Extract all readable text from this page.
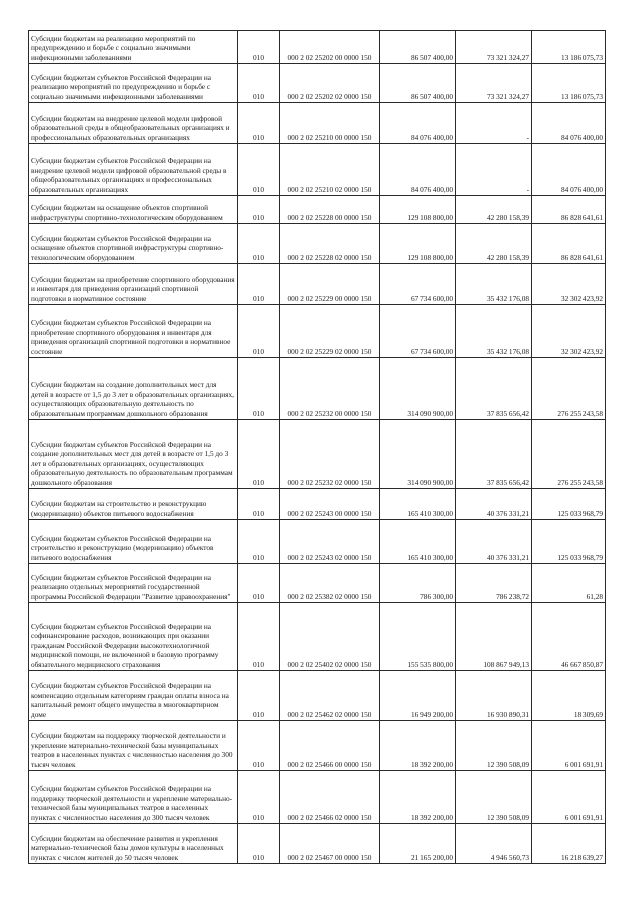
Субсидии бюджетам на реализацию мероприятий по предупреждению и борьбе с социально значимыми инфекционными заболеваниями	010	000 2 02 25202 00 0000 150	86 507 400,00	73 321 324,27	13 186 075,73
Субсидии бюджетам субъектов Российской Федерации на реализацию мероприятий по предупреждению и борьбе с социально значимыми инфекционными заболеваниями	010	000 2 02 25202 02 0000 150	86 507 400,00	73 321 324,27	13 186 075,73
Субсидии бюджетам на внедрение целевой модели цифровой образовательной среды в общеобразовательных организациях и профессиональных образовательных организациях	010	000 2 02 25210 00 0000 150	84 076 400,00	-	84 076 400,00
Субсидии бюджетам субъектов Российской Федерации на внедрение целевой модели цифровой образовательной среды в общеобразовательных организациях и профессиональных образовательных организациях	010	000 2 02 25210 02 0000 150	84 076 400,00	-	84 076 400,00
Субсидии бюджетам на оснащение объектов спортивной инфраструктуры спортивно-технологическим оборудованием	010	000 2 02 25228 00 0000 150	129 108 800,00	42 280 158,39	86 828 641,61
Субсидии бюджетам субъектов Российской Федерации на оснащение объектов спортивной инфраструктуры спортивно-технологическим оборудованием	010	000 2 02 25228 02 0000 150	129 108 800,00	42 280 158,39	86 828 641,61
Субсидии бюджетам на приобретение спортивного оборудования и инвентаря для приведения организаций спортивной подготовки в нормативное состояние	010	000 2 02 25229 00 0000 150	67 734 600,00	35 432 176,08	32 302 423,92
Субсидии бюджетам субъектов Российской Федерации на приобретение спортивного оборудования и инвентаря для приведения организаций спортивной подготовки в нормативное состояние	010	000 2 02 25229 02 0000 150	67 734 600,00	35 432 176,08	32 302 423,92
Субсидии бюджетам на создание дополнительных мест для детей в возрасте от 1,5 до 3 лет в образовательных организациях, осуществляющих образовательную деятельность по образовательным программам дошкольного образования	010	000 2 02 25232 00 0000 150	314 090 900,00	37 835 656,42	276 255 243,58
Субсидии бюджетам субъектов Российской Федерации на создание дополнительных мест для детей в возрасте от 1,5 до 3 лет в образовательных организациях, осуществляющих образовательную деятельность по образовательным программам дошкольного образования	010	000 2 02 25232 02 0000 150	314 090 900,00	37 835 656,42	276 255 243,58
Субсидии бюджетам на строительство и реконструкцию (модернизацию) объектов питьевого водоснабжения	010	000 2 02 25243 00 0000 150	165 410 300,00	40 376 331,21	125 033 968,79
Субсидии бюджетам субъектов Российской Федерации на строительство и реконструкцию (модернизацию) объектов питьевого водоснабжения	010	000 2 02 25243 02 0000 150	165 410 300,00	40 376 331,21	125 033 968,79
Субсидии бюджетам субъектов Российской Федерации на реализацию отдельных мероприятий государственной программы Российской Федерации "Развитие здравоохранения"	010	000 2 02 25382 02 0000 150	786 300,00	786 238,72	61,28
Субсидии бюджетам субъектов Российской Федерации на софинансирование расходов, возникающих при оказании гражданам Российской Федерации высокотехнологичной медицинской помощи, не включенной в базовую программу обязательного медицинского страхования	010	000 2 02 25402 02 0000 150	155 535 800,00	108 867 949,13	46 667 850,87
Субсидии бюджетам субъектов Российской Федерации на компенсацию отдельным категориям граждан оплаты взноса на капитальный ремонт общего имущества в многоквартирном доме	010	000 2 02 25462 02 0000 150	16 949 200,00	16 930 890,31	18 309,69
Субсидии бюджетам на поддержку творческой деятельности и укрепление материально-технической базы муниципальных театров в населенных пунктах с численностью населения до 300 тысяч человек	010	000 2 02 25466 00 0000 150	18 392 200,00	12 390 508,09	6 001 691,91
Субсидии бюджетам субъектов Российской Федерации на поддержку творческой деятельности и укрепление материально-технической базы муниципальных театров в населенных пунктах с численностью населения до 300 тысяч человек	010	000 2 02 25466 02 0000 150	18 392 200,00	12 390 508,09	6 001 691,91
Субсидии бюджетам на обеспечение развития и укрепления материально-технической базы домов культуры в населенных пунктах с числом жителей до 50 тысяч человек	010	000 2 02 25467 00 0000 150	21 165 200,00	4 946 560,73	16 218 639,27
